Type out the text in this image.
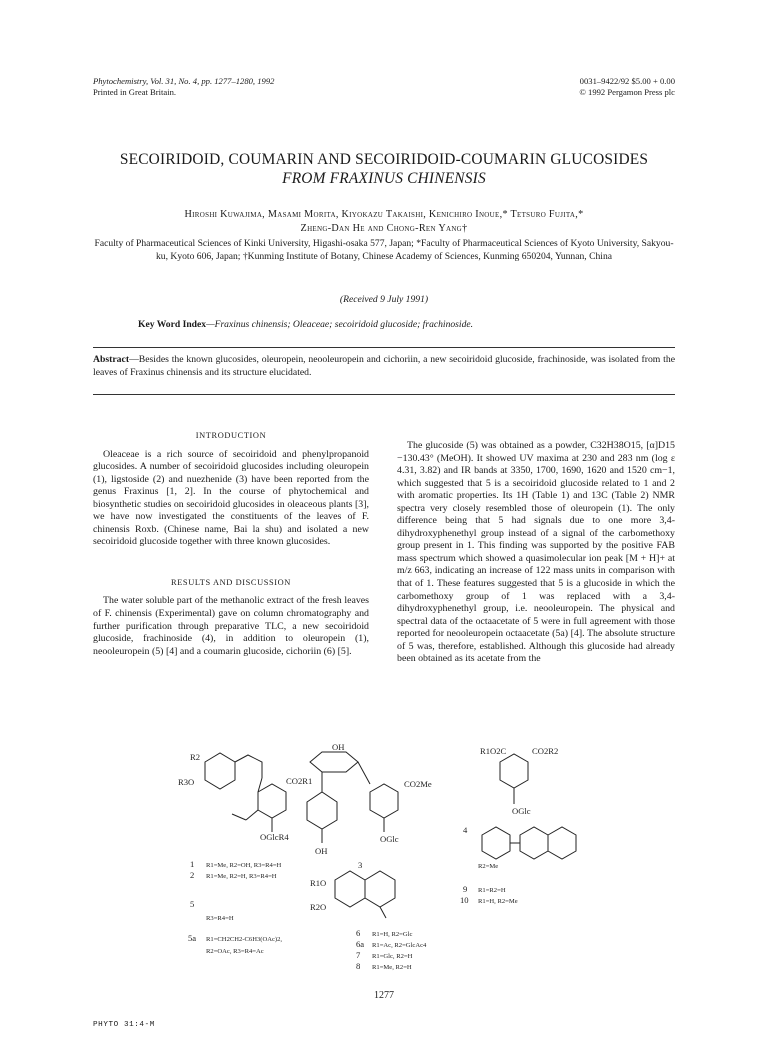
Phytochemistry, Vol. 31, No. 4, pp. 1277–1280, 1992
Printed in Great Britain.
0031–9422/92 $5.00 + 0.00
© 1992 Pergamon Press plc
SECOIRIDOID, COUMARIN AND SECOIRIDOID-COUMARIN GLUCOSIDES
FROM FRAXINUS CHINENSIS
Hiroshi Kuwajima, Masami Morita, Kiyokazu Takaishi, Kenichiro Inoue,* Tetsuro Fujita,*
Zheng-Dan He and Chong-Ren Yang†
Faculty of Pharmaceutical Sciences of Kinki University, Higashi-osaka 577, Japan; *Faculty of Pharmaceutical Sciences of Kyoto University, Sakyou-ku, Kyoto 606, Japan; †Kunming Institute of Botany, Chinese Academy of Sciences, Kunming 650204, Yunnan, China
(Received 9 July 1991)
Key Word Index—Fraxinus chinensis; Oleaceae; secoiridoid glucoside; frachinoside.
Abstract—Besides the known glucosides, oleuropein, neooleuropein and cichoriin, a new secoiridoid glucoside, frachinoside, was isolated from the leaves of Fraxinus chinensis and its structure elucidated.
INTRODUCTION

Oleaceae is a rich source of secoiridoid and phenylpropanoid glucosides. A number of secoiridoid glucosides including oleuropein (1), ligstoside (2) and nuezhenide (3) have been reported from the genus Fraxinus [1, 2]. In the course of phytochemical and biosynthetic studies on secoiridoid glucosides in oleaceous plants [3], we have now investigated the constituents of the leaves of F. chinensis Roxb. (Chinese name, Bai la shu) and isolated a new secoiridoid glucoside together with three known glucosides.

RESULTS AND DISCUSSION

The water soluble part of the methanolic extract of the fresh leaves of F. chinensis (Experimental) gave on column chromatography and further purification through preparative TLC, a new secoiridoid glucoside, frachinoside (4), in addition to oleuropein (1), neooleuropein (5) [4] and a coumarin glucoside, cichoriin (6) [5].

The glucoside (5) was obtained as a powder, C32H38O15, [α]D15 −130.43° (MeOH). It showed UV maxima at 230 and 283 nm (log ε 4.31, 3.82) and IR bands at 3350, 1700, 1690, 1620 and 1520 cm−1, which suggested that 5 is a secoiridoid glucoside related to 1 and 2 with aromatic properties. Its 1H (Table 1) and 13C (Table 2) NMR spectra very closely resembled those of oleuropein (1). The only difference being that 5 had signals due to one more 3,4-dihydroxyphenethyl group instead of a signal of the carbomethoxy group present in 1. This finding was supported by the positive FAB mass spectrum which showed a quasimolecular ion peak [M + H]+ at m/z 663, indicating an increase of 122 mass units in comparison with that of 1. These features suggested that 5 is a glucoside in which the carbomethoxy group of 1 was replaced with a 3,4-dihydroxyphenethyl group, i.e. neooleuropein. The physical and spectral data of the octaacetate of 5 were in full agreement with those reported for neooleuropein octaacetate (5a) [4]. The absolute structure of 5 was, therefore, established. Although this glucoside had already been obtained as its acetate from the

R2
R3O	CO2R1
OGlcR4
1 R1=Me, R2=OH, R3=R4=H
2 R1=Me, R2=H, R3=R4=H
5
R3=R4=H
5a R1=CH2CH2-C6H3(OAc)2,
R2=OAc, R3=R4=Ac
OH
CO2Me
OGlc
OH
3
R1O
R2O
6 R1=H, R2=Glc
6a R1=Ac, R2=GlcAc4
7 R1=Glc, R2=H
8 R1=Me, R2=H
R1O2C	CO2R2
OGlc
4
R2=Me
9 R1=R2=H
10 R1=H, R2=Me
1277
PHYTO 31:4-M
